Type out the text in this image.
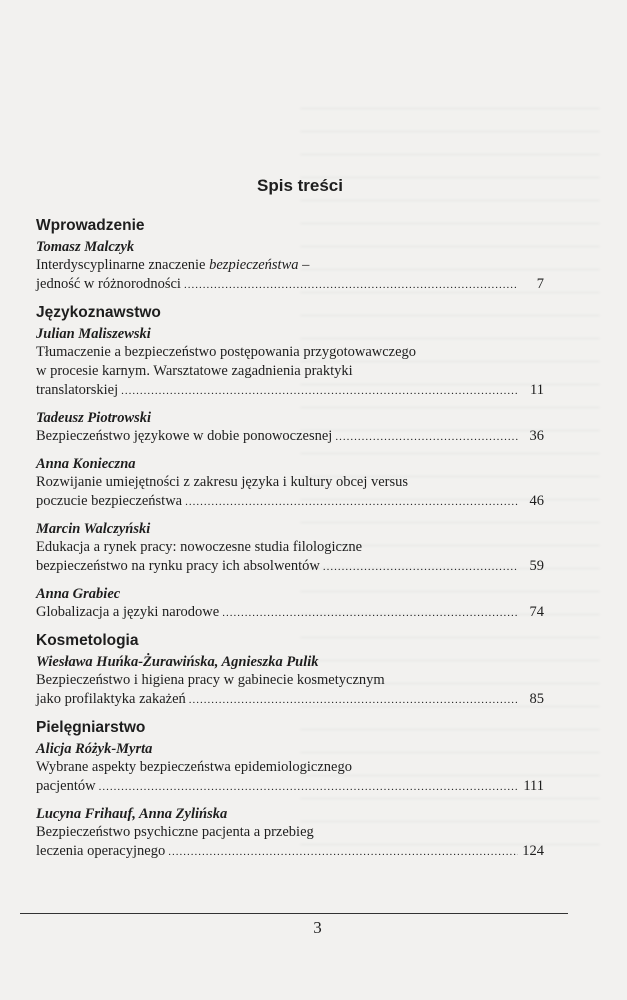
Spis treści
Wprowadzenie
Tomasz Malczyk
Interdyscyplinarne znaczenie bezpieczeństwa –
jedność w różnorodności .....	7
Językoznawstwo
Julian Maliszewski
Tłumaczenie a bezpieczeństwo postępowania przygotowawczego
w procesie karnym. Warsztatowe zagadnienia praktyki
translatorskiej .....	11
Tadeusz Piotrowski
Bezpieczeństwo językowe w dobie ponowoczesnej .....	36
Anna Konieczna
Rozwijanie umiejętności z zakresu języka i kultury obcej versus
poczucie bezpieczeństwa .....	46
Marcin Walczyński
Edukacja a rynek pracy: nowoczesne studia filologiczne
bezpieczeństwo na rynku pracy ich absolwentów .....	59
Anna Grabiec
Globalizacja a języki narodowe .....	74
Kosmetologia
Wiesława Huńka-Żurawińska, Agnieszka Pulik
Bezpieczeństwo i higiena pracy w gabinecie kosmetycznym
jako profilaktyka zakażeń .....	85
Pielęgniarstwo
Alicja Różyk-Myrta
Wybrane aspekty bezpieczeństwa epidemiologicznego
pacjentów .....	111
Lucyna Frihauf, Anna Zylińska
Bezpieczeństwo psychiczne pacjenta a przebieg
leczenia operacyjnego .....	124
3
